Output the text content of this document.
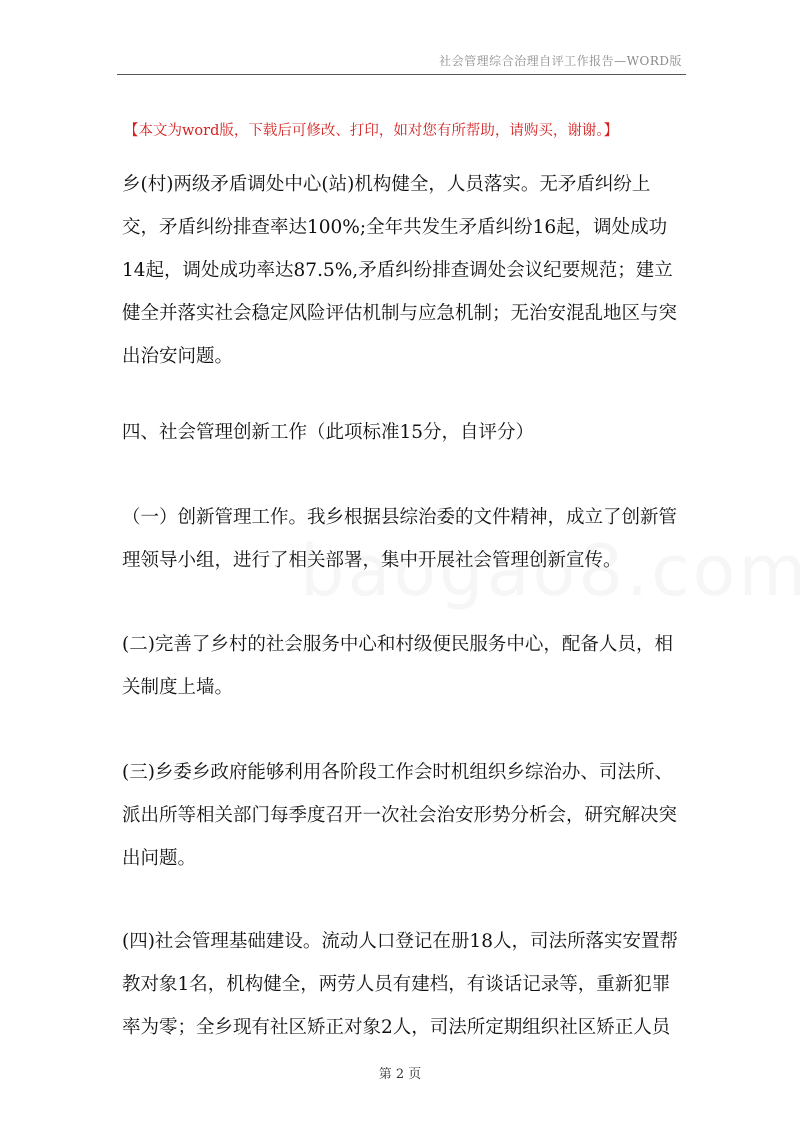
社会管理综合治理自评工作报告—WORD版
【本文为word版，下载后可修改、打印，如对您有所帮助，请购买，谢谢。】

乡(村)两级矛盾调处中心(站)机构健全，人员落实。无矛盾纠纷上交，矛盾纠纷排查率达100%;全年共发生矛盾纠纷16起，调处成功14起，调处成功率达87.5%,矛盾纠纷排查调处会议纪要规范；建立健全并落实社会稳定风险评估机制与应急机制；无治安混乱地区与突出治安问题。

四、社会管理创新工作（此项标准15分，自评分）

（一）创新管理工作。我乡根据县综治委的文件精神，成立了创新管理领导小组，进行了相关部署，集中开展社会管理创新宣传。

(二)完善了乡村的社会服务中心和村级便民服务中心，配备人员，相关制度上墙。

(三)乡委乡政府能够利用各阶段工作会时机组织乡综治办、司法所、派出所等相关部门每季度召开一次社会治安形势分析会，研究解决突出问题。

(四)社会管理基础建设。流动人口登记在册18人，司法所落实安置帮教对象1名，机构健全，两劳人员有建档，有谈话记录等，重新犯罪率为零；全乡现有社区矫正对象2人，司法所定期组织社区矫正人员

第 2 页
